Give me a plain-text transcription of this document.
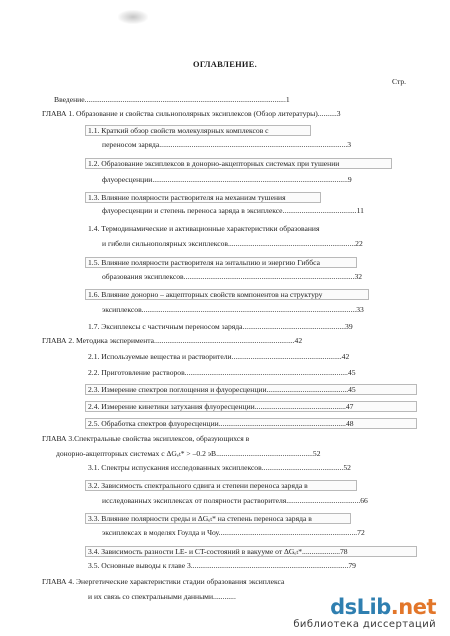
ОГЛАВЛЕНИЕ.
Стр.
Введение..........................................................................................................1
ГЛАВА 1. Образование и свойства сильнополярных эксиплексов (Обзор литературы)..........3
1.1. Краткий обзор свойств молекулярных комплексов с
переносом заряда...................................................................................................3
1.2. Образование эксиплексов в донорно-акцепторных системах при тушении
флуоресценции.......................................................................................................9
1.3. Влияние полярности растворителя на механизм тушения
флуоресценции и степень переноса заряда в эксиплексе.......................................11
1.4. Термодинамические и активационные характеристики образования
и гибели сильнополярных эксиплексов...................................................................22
1.5. Влияние полярности растворителя на энтальпию и энергию Гиббса
образования эксиплексов..........................................................................................32
1.6. Влияние донорно – акцепторных свойств компонентов на структуру
эксиплексов.................................................................................................................33
1.7. Эксиплексы с частичным переносом заряда......................................................39
ГЛАВА 2. Методика эксперимента..........................................................................42
2.1. Используемые вещества и растворители..........................................................42
2.2. Приготовление растворов......................................................................................45
2.3. Измерение спектров поглощения и флуоресценции...........................................45
2.4. Измерение кинетики затухания флуоресценции................................................47
2.5. Обработка спектров флуоресценции...................................................................48
ГЛАВА 3.Спектральные свойства эксиплексов, образующихся в
донорно-акцепторных системах с ΔGₑₜ* > –0.2 эВ...................................................52
3.1. Спектры испускания исследованных эксиплексов...........................................52
3.2. Зависимость спектрального сдвига и степени переноса заряда в
исследованных эксиплексах от полярности растворителя.......................................66
3.3. Влияние полярности среды и ΔGₑₜ* на степень переноса заряда в
эксиплексах в моделях Гоулда и Чоу.........................................................................72
3.4. Зависимость разности LE- и CT-состояний в вакууме от ΔGₑₜ*....................78
3.5. Основные выводы к главе 3...................................................................................79
ГЛАВА 4. Энергетические характеристики стадии образования эксиплекса
и их связь со спектральными данными............	dsLib.net
библиотека диссертаций
